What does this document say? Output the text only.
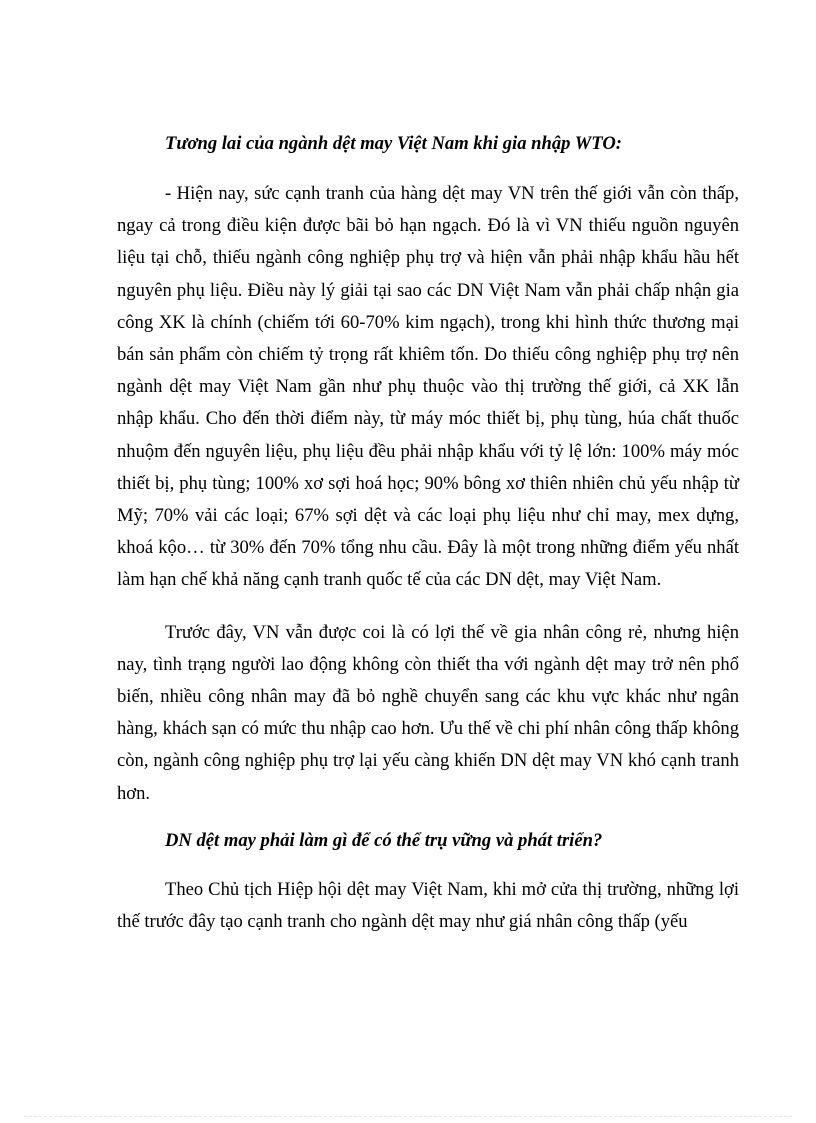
Tương lai của ngành dệt may Việt Nam khi gia nhập WTO:

- Hiện nay, sức cạnh tranh của hàng dệt may VN trên thế giới vẫn còn thấp, ngay cả trong điều kiện được bãi bỏ hạn ngạch. Đó là vì VN thiếu nguồn nguyên liệu tại chỗ, thiếu ngành công nghiệp phụ trợ và hiện vẫn phải nhập khẩu hầu hết nguyên phụ liệu. Điều này lý giải tại sao các DN Việt Nam vẫn phải chấp nhận gia công XK là chính (chiếm tới 60-70% kim ngạch), trong khi hình thức thương mại bán sản phẩm còn chiếm tỷ trọng rất khiêm tốn. Do thiếu công nghiệp phụ trợ nên ngành dệt may Việt Nam gần như phụ thuộc vào thị trường thế giới, cả XK lẫn nhập khẩu. Cho đến thời điểm này, từ máy móc thiết bị, phụ tùng, húa chất thuốc nhuộm đến nguyên liệu, phụ liệu đều phải nhập khẩu với tỷ lệ lớn: 100% máy móc thiết bị, phụ tùng; 100% xơ sợi hoá học; 90% bông xơ thiên nhiên chủ yếu nhập từ Mỹ; 70% vải các loại; 67% sợi dệt và các loại phụ liệu như chỉ may, mex dựng, khoá kộo… từ 30% đến 70% tổng nhu cầu. Đây là một trong những điểm yếu nhất làm hạn chế khả năng cạnh tranh quốc tế của các DN dệt, may Việt Nam.

Trước đây, VN vẫn được coi là có lợi thế về gia nhân công rẻ, nhưng hiện nay, tình trạng người lao động không còn thiết tha với ngành dệt may trở nên phổ biến, nhiều công nhân may đã bỏ nghề chuyển sang các khu vực khác như ngân hàng, khách sạn có mức thu nhập cao hơn. Ưu thế về chi phí nhân công thấp không còn, ngành công nghiệp phụ trợ lại yếu càng khiến DN dệt may VN khó cạnh tranh hơn.

DN dệt may phải làm gì để có thể trụ vững và phát triển?

Theo Chủ tịch Hiệp hội dệt may Việt Nam, khi mở cửa thị trường, những lợi thế trước đây tạo cạnh tranh cho ngành dệt may như giá nhân công thấp (yếu
